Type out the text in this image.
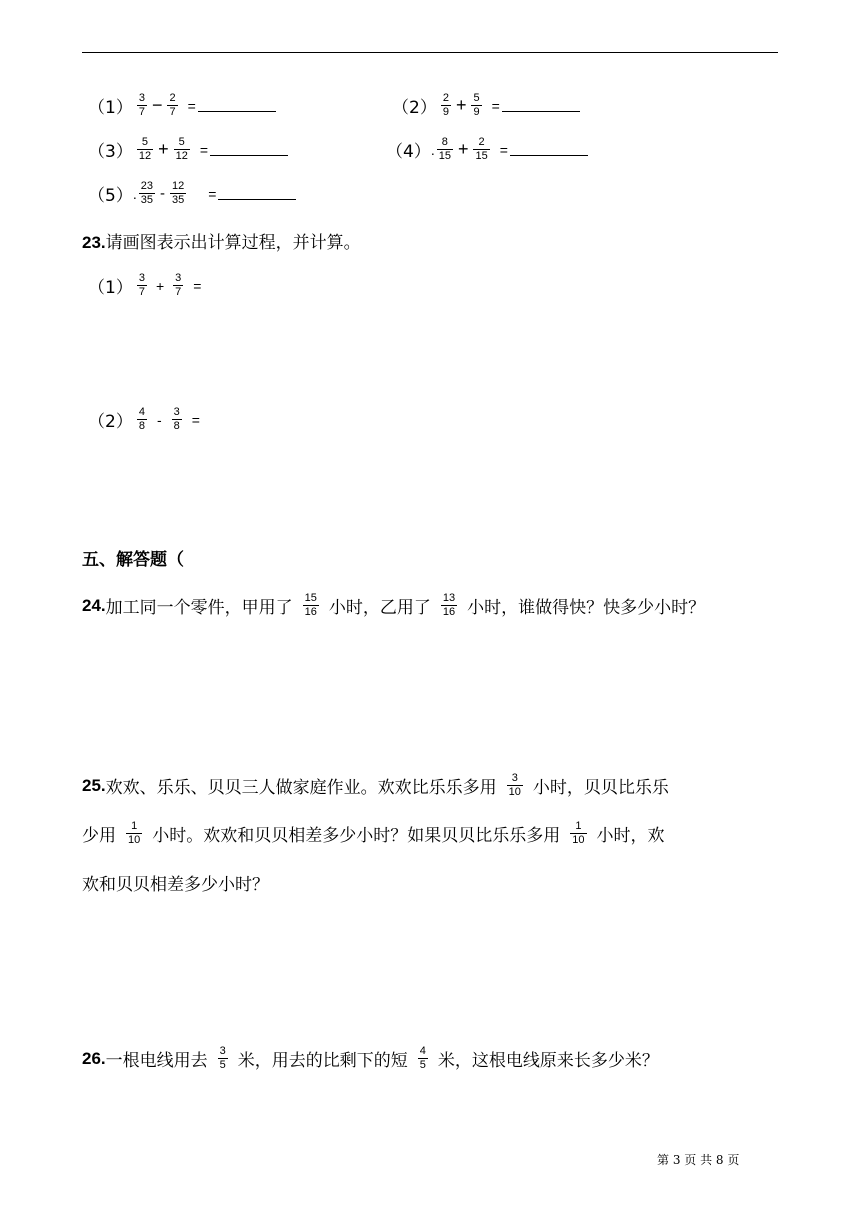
$(1) \frac{3}{7} - \frac{2}{7}$ =	$(2) \frac{2}{9} + \frac{5}{9}$ =
$(3) \frac{5}{12} + \frac{5}{12}$ =	（4） . $\frac{8}{15} + \frac{2}{15}$ =
（5） . $\frac{23}{35} - \frac{12}{35}$ =
23.请画图表示出计算过程，并计算。
$(1) \frac{3}{7} + \frac{3}{7}$ =
$(2) \frac{4}{8} - \frac{3}{8}$ =
五、解答题（
24. 加工同一个零件，甲用了 $\frac{15}{16}$ 小时，乙用了 $\frac{13}{16}$ 小时，谁做得快？快多少小时？
25. 欢欢、乐乐、贝贝三人做家庭作业。欢欢比乐乐多用 $\frac{3}{10}$ 小时，贝贝比乐乐
少用 $\frac{1}{10}$ 小时。欢欢和贝贝相差多少小时？如果贝贝比乐乐多用 $\frac{1}{10}$ 小时，欢
欢和贝贝相差多少小时？
26. 一根电线用去 $\frac{3}{5}$ 米，用去的比剩下的短 $\frac{4}{5}$ 米，这根电线原来长多少米？
第 3 页 共 8 页
